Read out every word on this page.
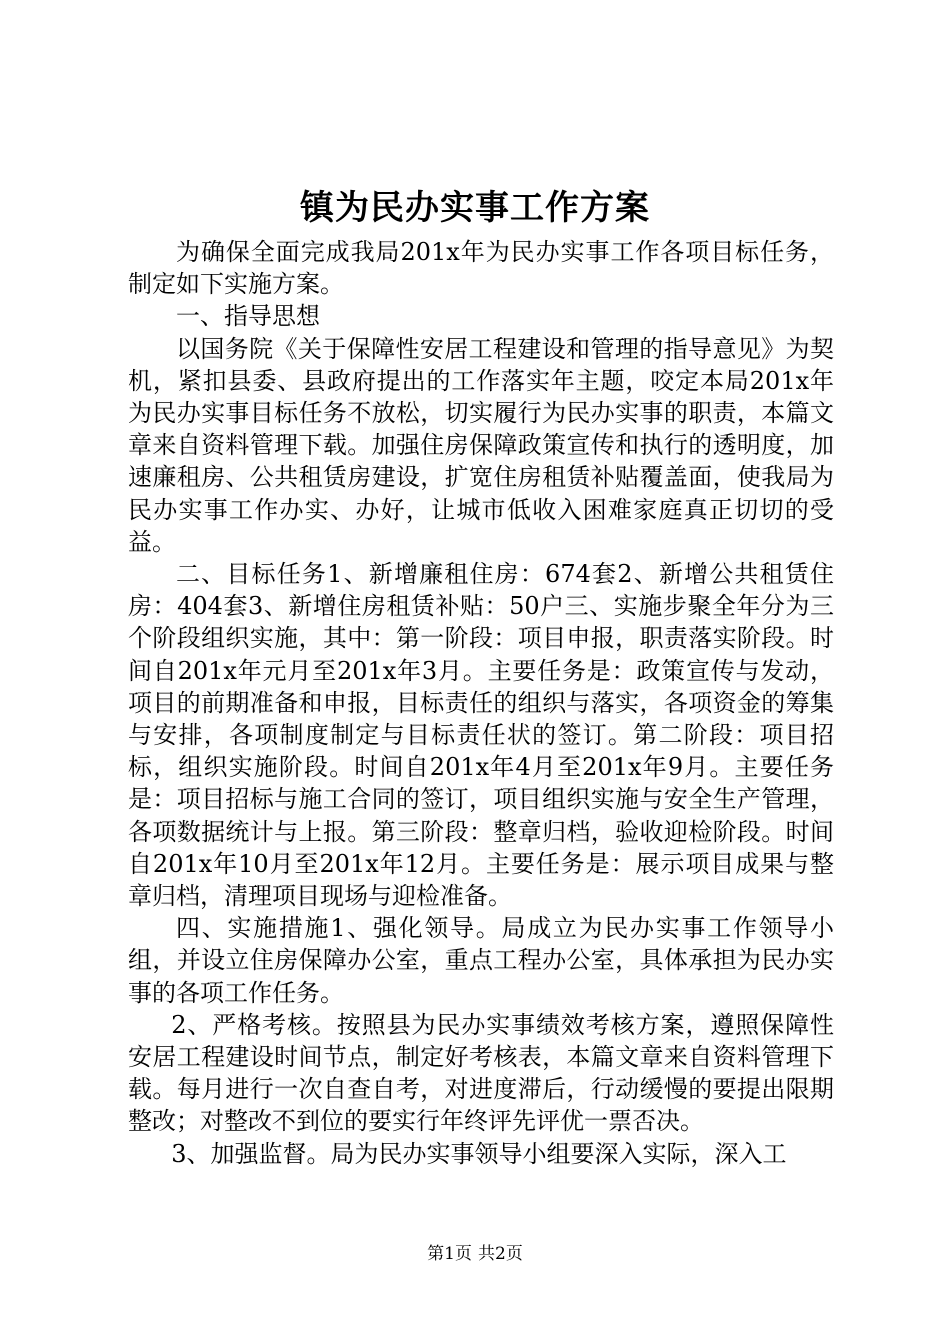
镇为民办实事工作方案

为确保全面完成我局201x年为民办实事工作各项目标任务，制定如下实施方案。

一、指导思想

以国务院《关于保障性安居工程建设和管理的指导意见》为契机，紧扣县委、县政府提出的工作落实年主题，咬定本局201x年为民办实事目标任务不放松，切实履行为民办实事的职责，本篇文章来自资料管理下载。加强住房保障政策宣传和执行的透明度，加速廉租房、公共租赁房建设，扩宽住房租赁补贴覆盖面，使我局为民办实事工作办实、办好，让城市低收入困难家庭真正切切的受益。

二、目标任务1、新增廉租住房：674套2、新增公共租赁住房：404套3、新增住房租赁补贴：50户三、实施步聚全年分为三个阶段组织实施，其中：第一阶段：项目申报，职责落实阶段。时间自201x年元月至201x年3月。主要任务是：政策宣传与发动，项目的前期准备和申报，目标责任的组织与落实，各项资金的筹集与安排，各项制度制定与目标责任状的签订。第二阶段：项目招标，组织实施阶段。时间自201x年4月至201x年9月。主要任务是：项目招标与施工合同的签订，项目组织实施与安全生产管理，各项数据统计与上报。第三阶段：整章归档，验收迎检阶段。时间自201x年10月至201x年12月。主要任务是：展示项目成果与整章归档，清理项目现场与迎检准备。

四、实施措施1、强化领导。局成立为民办实事工作领导小组，并设立住房保障办公室，重点工程办公室，具体承担为民办实事的各项工作任务。

2、严格考核。按照县为民办实事绩效考核方案，遵照保障性安居工程建设时间节点，制定好考核表，本篇文章来自资料管理下载。每月进行一次自查自考，对进度滞后，行动缓慢的要提出限期整改；对整改不到位的要实行年终评先评优一票否决。

3、加强监督。局为民办实事领导小组要深入实际，深入工

第1页 共2页
